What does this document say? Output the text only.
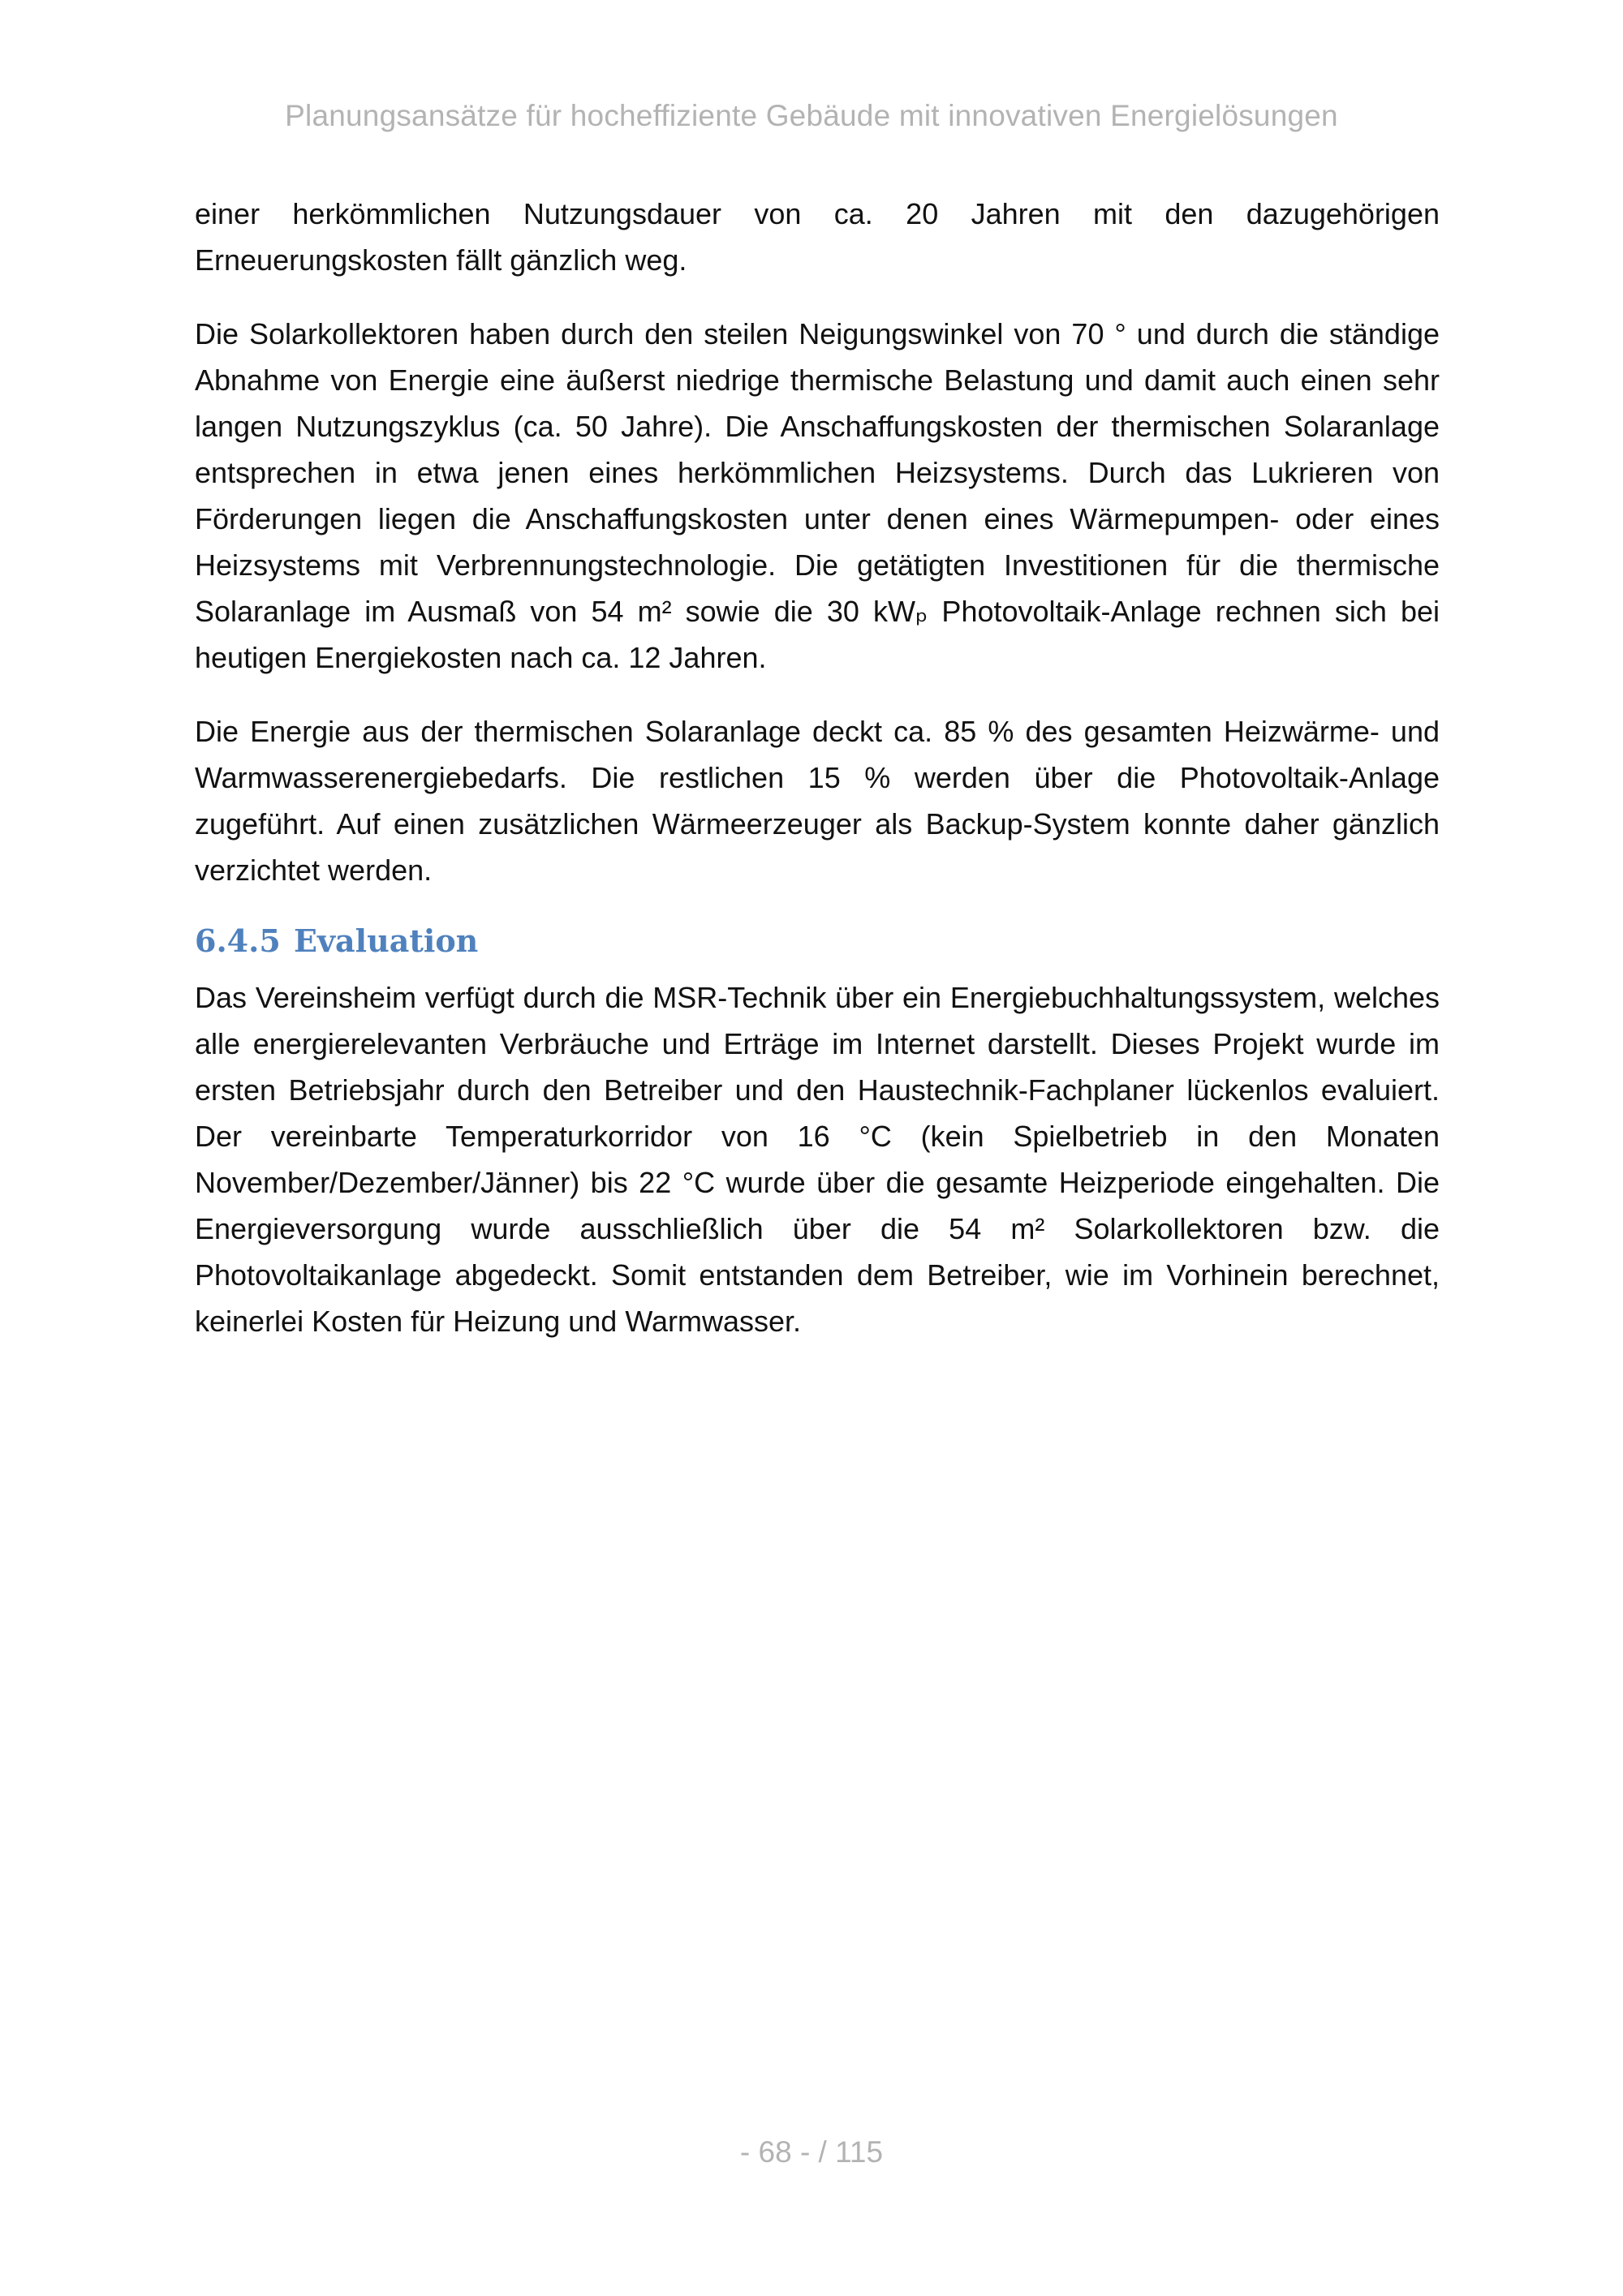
Planungsansätze für hocheffiziente Gebäude mit innovativen Energielösungen

einer herkömmlichen Nutzungsdauer von ca. 20 Jahren mit den dazugehörigen Erneuerungskosten fällt gänzlich weg.

Die Solarkollektoren haben durch den steilen Neigungswinkel von 70 ° und durch die ständige Abnahme von Energie eine äußerst niedrige thermische Belastung und damit auch einen sehr langen Nutzungszyklus (ca. 50 Jahre). Die Anschaffungskosten der thermischen Solaranlage entsprechen in etwa jenen eines herkömmlichen Heizsystems. Durch das Lukrieren von Förderungen liegen die Anschaffungskosten unter denen eines Wärmepumpen- oder eines Heizsystems mit Verbrennungstechnologie. Die getätigten Investitionen für die thermische Solaranlage im Ausmaß von 54 m² sowie die 30 kWₚ Photovoltaik-Anlage rechnen sich bei heutigen Energiekosten nach ca. 12 Jahren.

Die Energie aus der thermischen Solaranlage deckt ca. 85 % des gesamten Heizwärme- und Warmwasserenergiebedarfs. Die restlichen 15 % werden über die Photovoltaik-Anlage zugeführt. Auf einen zusätzlichen Wärmeerzeuger als Backup-System konnte daher gänzlich verzichtet werden.

6.4.5 Evaluation

Das Vereinsheim verfügt durch die MSR-Technik über ein Energiebuchhaltungssystem, welches alle energierelevanten Verbräuche und Erträge im Internet darstellt. Dieses Projekt wurde im ersten Betriebsjahr durch den Betreiber und den Haustechnik-Fachplaner lückenlos evaluiert. Der vereinbarte Temperaturkorridor von 16 °C (kein Spielbetrieb in den Monaten November/Dezember/Jänner) bis 22 °C wurde über die gesamte Heizperiode eingehalten. Die Energieversorgung wurde ausschließlich über die 54 m² Solarkollektoren bzw. die Photovoltaikanlage abgedeckt. Somit entstanden dem Betreiber, wie im Vorhinein berechnet, keinerlei Kosten für Heizung und Warmwasser.

- 68 - / 115
